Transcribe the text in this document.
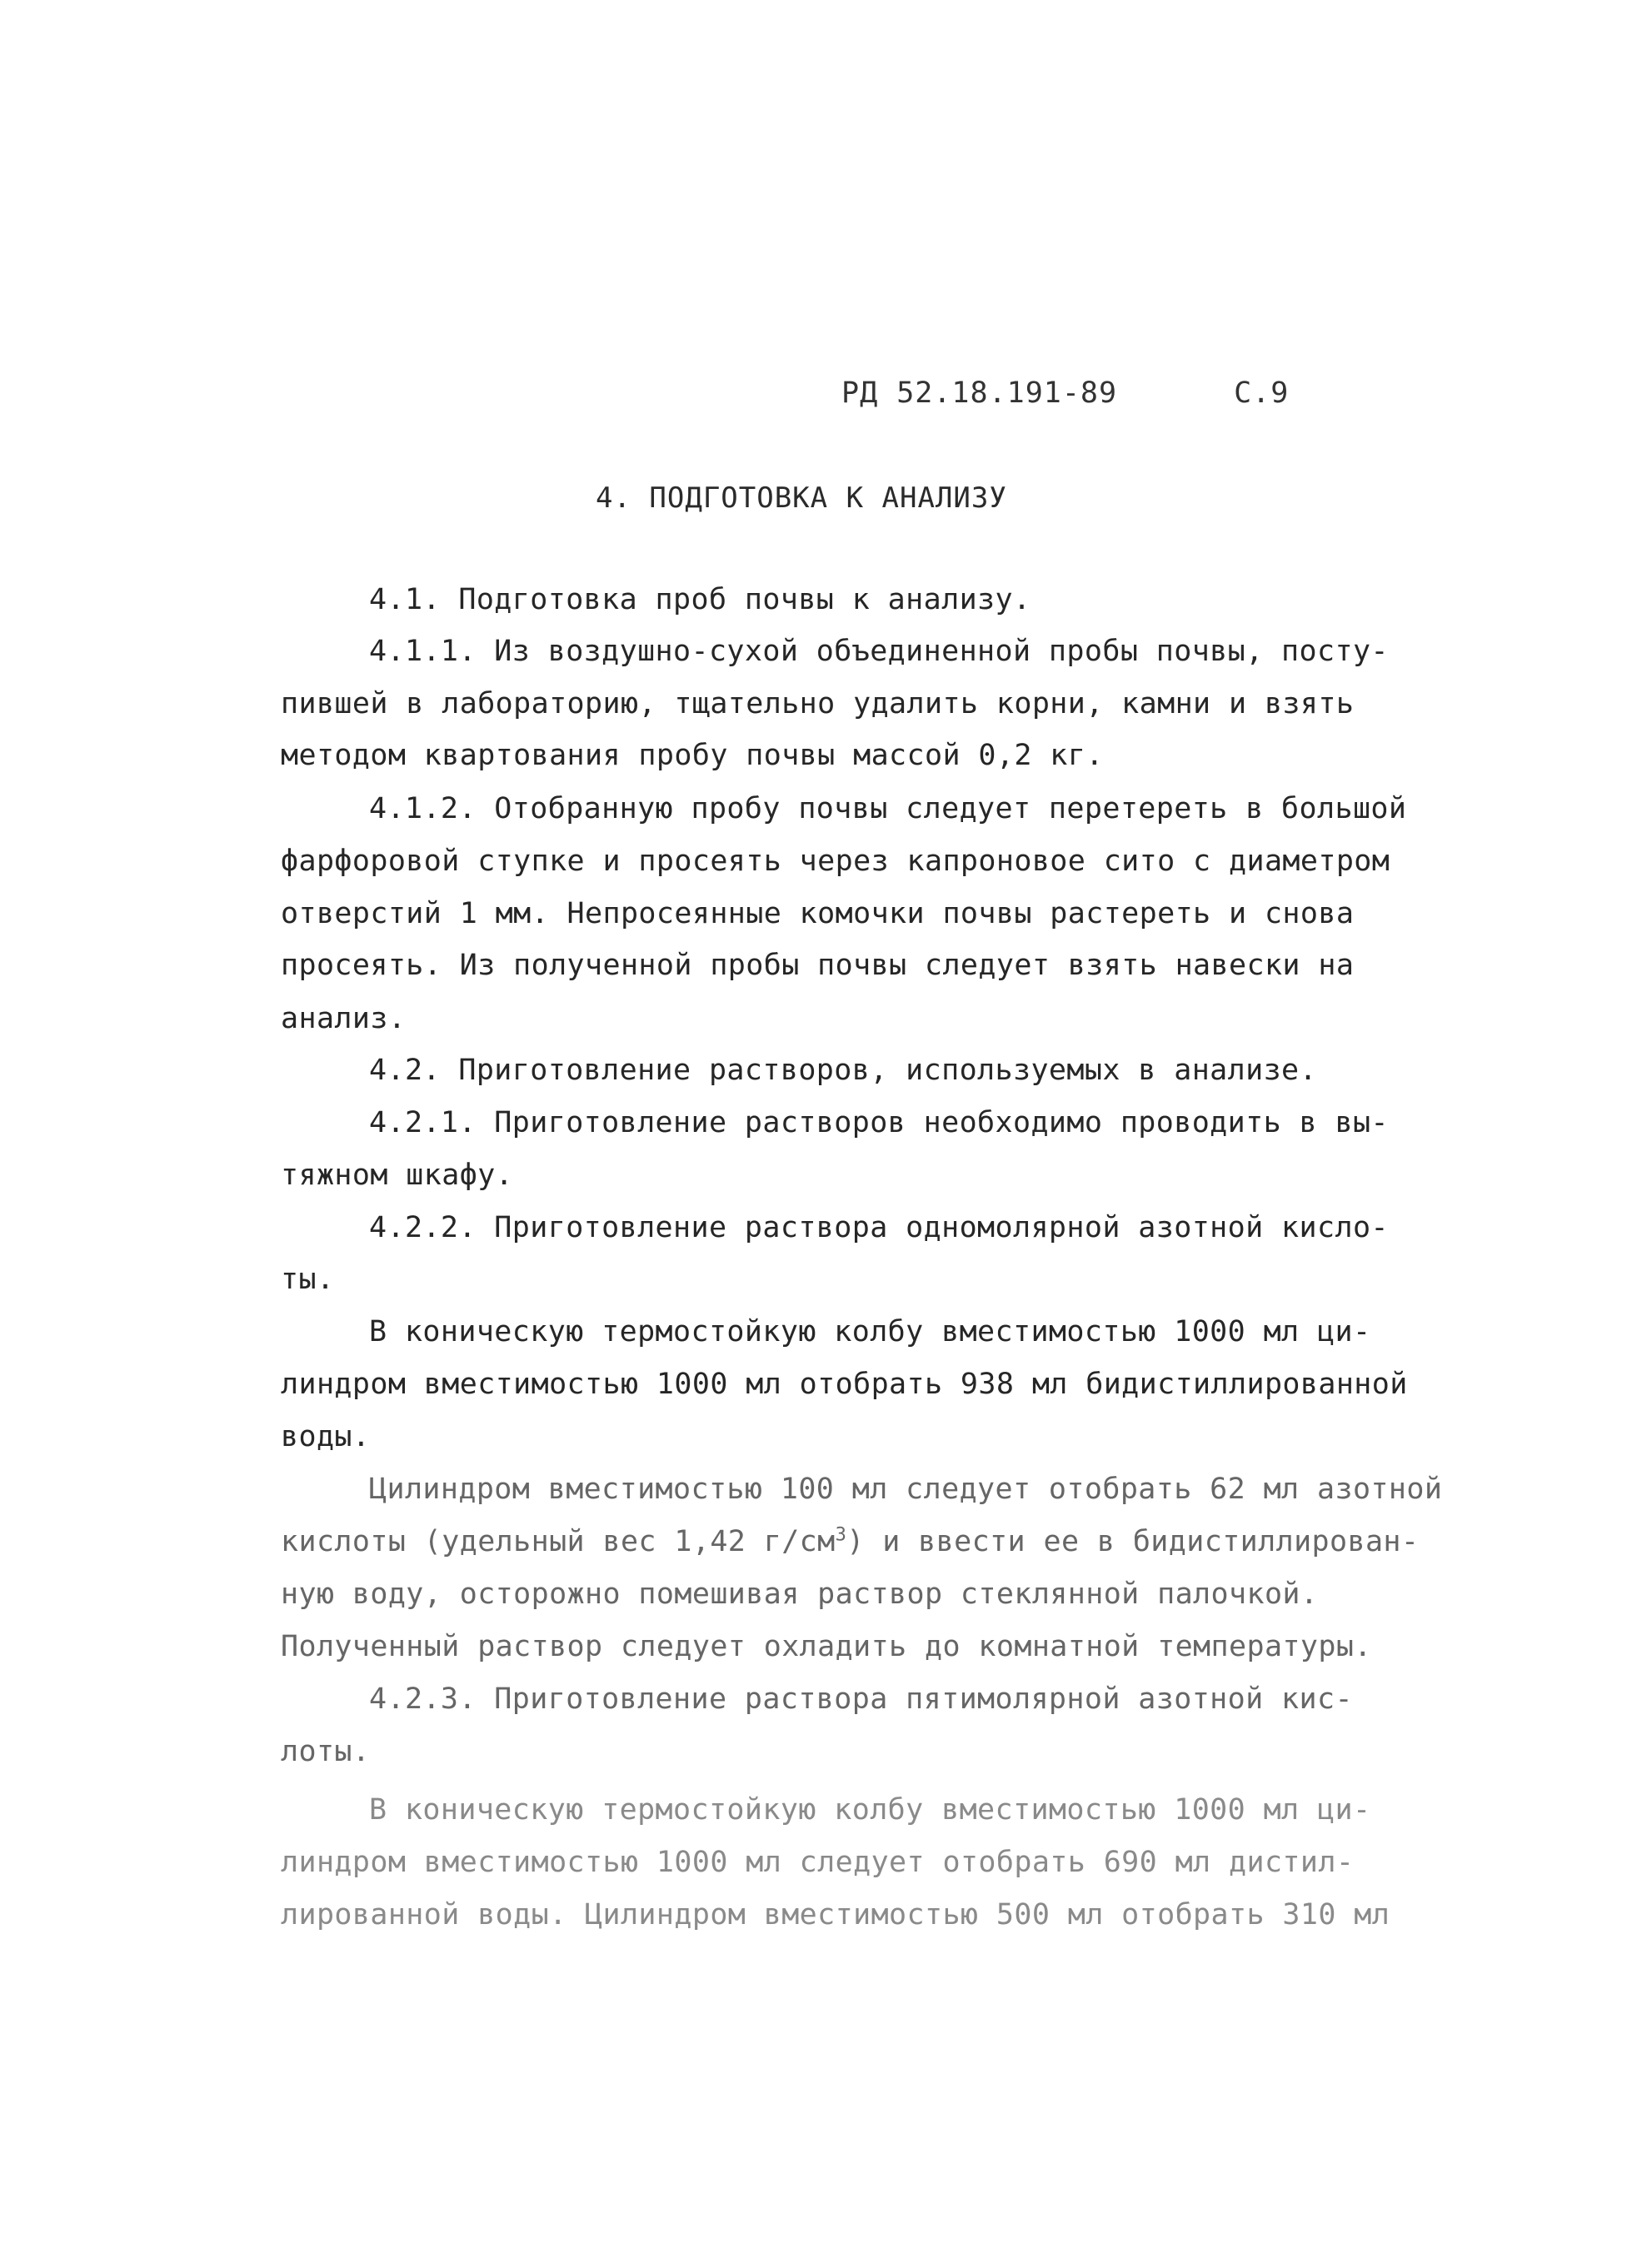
РД 52.18.191-89	С.9
4. ПОДГОТОВКА К АНАЛИЗУ
4.1. Подготовка проб почвы к анализу.
4.1.1. Из воздушно-сухой объединенной пробы почвы, посту-
пившей в лабораторию, тщательно удалить корни, камни и взять
методом квартования пробу почвы массой 0,2 кг.
4.1.2. Отобранную пробу почвы следует перетереть в большой
фарфоровой ступке и просеять через капроновое сито с диаметром
отверстий 1 мм. Непросеянные комочки почвы растереть и снова
просеять. Из полученной пробы почвы следует взять навески на
анализ.
4.2. Приготовление растворов, используемых в анализе.
4.2.1. Приготовление растворов необходимо проводить в вы-
тяжном шкафу.
4.2.2. Приготовление раствора одномолярной азотной кисло-
ты.
В коническую термостойкую колбу вместимостью 1000 мл ци-
линдром вместимостью 1000 мл отобрать 938 мл бидистиллированной
воды.
Цилиндром вместимостью 100 мл следует отобрать 62 мл азотной
кислоты (удельный вес 1,42 $г/см^3$) и ввести ее в бидистиллирован-
ную воду, осторожно помешивая раствор стеклянной палочкой.
Полученный раствор следует охладить до комнатной температуры.
4.2.3. Приготовление раствора пятимолярной азотной кис-
лоты.
В коническую термостойкую колбу вместимостью 1000 мл ци-
линдром вместимостью 1000 мл следует отобрать 690 мл дистил-
лированной воды. Цилиндром вместимостью 500 мл отобрать 310 мл
